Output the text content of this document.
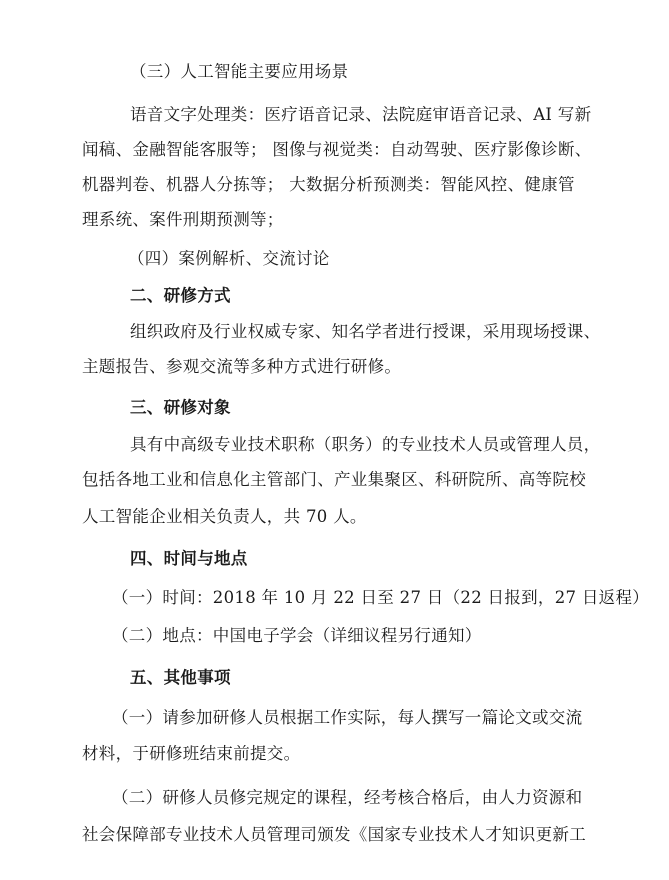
（三）人工智能主要应用场景
语音文字处理类：医疗语音记录、法院庭审语音记录、AI 写新
闻稿、金融智能客服等； 图像与视觉类：自动驾驶、医疗影像诊断、
机器判卷、机器人分拣等； 大数据分析预测类：智能风控、健康管
理系统、案件刑期预测等；
（四）案例解析、交流讨论
二、研修方式
组织政府及行业权威专家、知名学者进行授课，采用现场授课、
主题报告、参观交流等多种方式进行研修。
三、研修对象
具有中高级专业技术职称（职务）的专业技术人员或管理人员，
包括各地工业和信息化主管部门、产业集聚区、科研院所、高等院校
人工智能企业相关负责人，共 70 人。
四、时间与地点
（一）时间：2018 年 10 月 22 日至 27 日（22 日报到，27 日返程）
（二）地点：中国电子学会（详细议程另行通知）
五、其他事项
（一）请参加研修人员根据工作实际，每人撰写一篇论文或交流
材料，于研修班结束前提交。
（二）研修人员修完规定的课程，经考核合格后，由人力资源和
社会保障部专业技术人员管理司颁发《国家专业技术人才知识更新工
